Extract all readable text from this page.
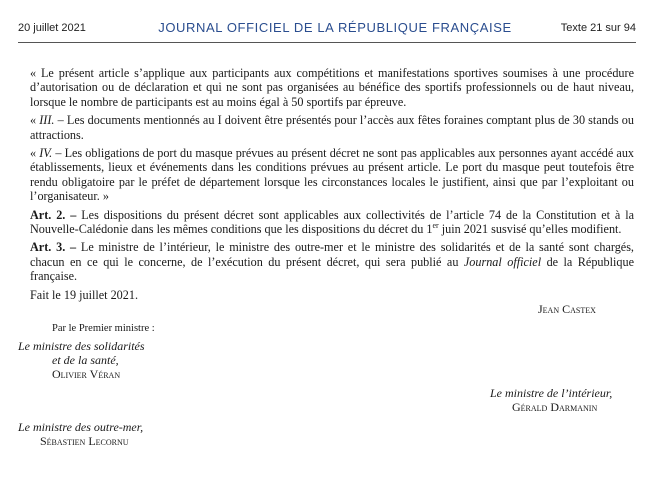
20 juillet 2021	JOURNAL OFFICIEL DE LA RÉPUBLIQUE FRANÇAISE	Texte 21 sur 94

« Le présent article s’applique aux participants aux compétitions et manifestations sportives soumises à une procédure d’autorisation ou de déclaration et qui ne sont pas organisées au bénéfice des sportifs professionnels ou de haut niveau, lorsque le nombre de participants est au moins égal à 50 sportifs par épreuve.

« III. – Les documents mentionnés au I doivent être présentés pour l’accès aux fêtes foraines comptant plus de 30 stands ou attractions.

« IV. – Les obligations de port du masque prévues au présent décret ne sont pas applicables aux personnes ayant accédé aux établissements, lieux et événements dans les conditions prévues au présent article. Le port du masque peut toutefois être rendu obligatoire par le préfet de département lorsque les circonstances locales le justifient, ainsi que par l’exploitant ou l’organisateur. »

Art. 2. – Les dispositions du présent décret sont applicables aux collectivités de l’article 74 de la Constitution et à la Nouvelle-Calédonie dans les mêmes conditions que les dispositions du décret du 1er juin 2021 susvisé qu’elles modifient.

Art. 3. – Le ministre de l’intérieur, le ministre des outre-mer et le ministre des solidarités et de la santé sont chargés, chacun en ce qui le concerne, de l’exécution du présent décret, qui sera publié au Journal officiel de la République française.

Fait le 19 juillet 2021.

Jean Castex
Par le Premier ministre :
Le ministre des solidarités
et de la santé,
Olivier Véran
Le ministre de l’intérieur,
Gérald Darmanin
Le ministre des outre-mer,
Sébastien Lecornu
